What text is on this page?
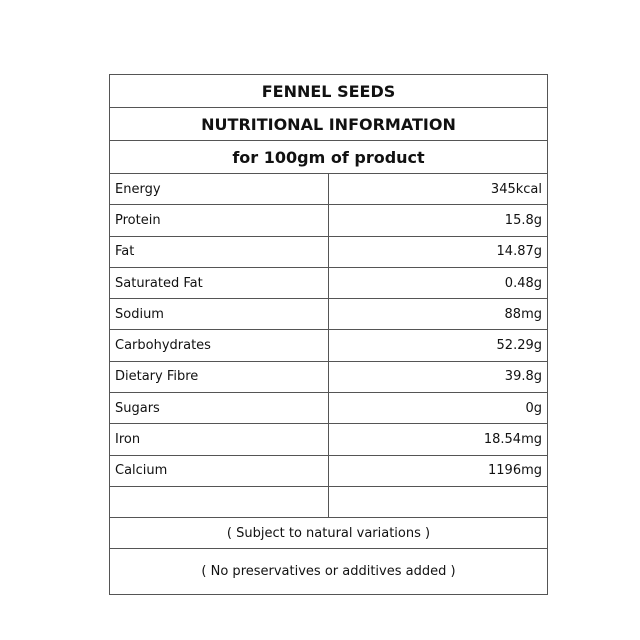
FENNEL SEEDS
NUTRITIONAL INFORMATION
for 100gm of product
Energy	345kcal
Protein	15.8g
Fat	14.87g
Saturated Fat	0.48g
Sodium	88mg
Carbohydrates	52.29g
Dietary Fibre	39.8g
Sugars	0g
Iron	18.54mg
Calcium	1196mg
( Subject to natural variations )
( No preservatives or additives added )
